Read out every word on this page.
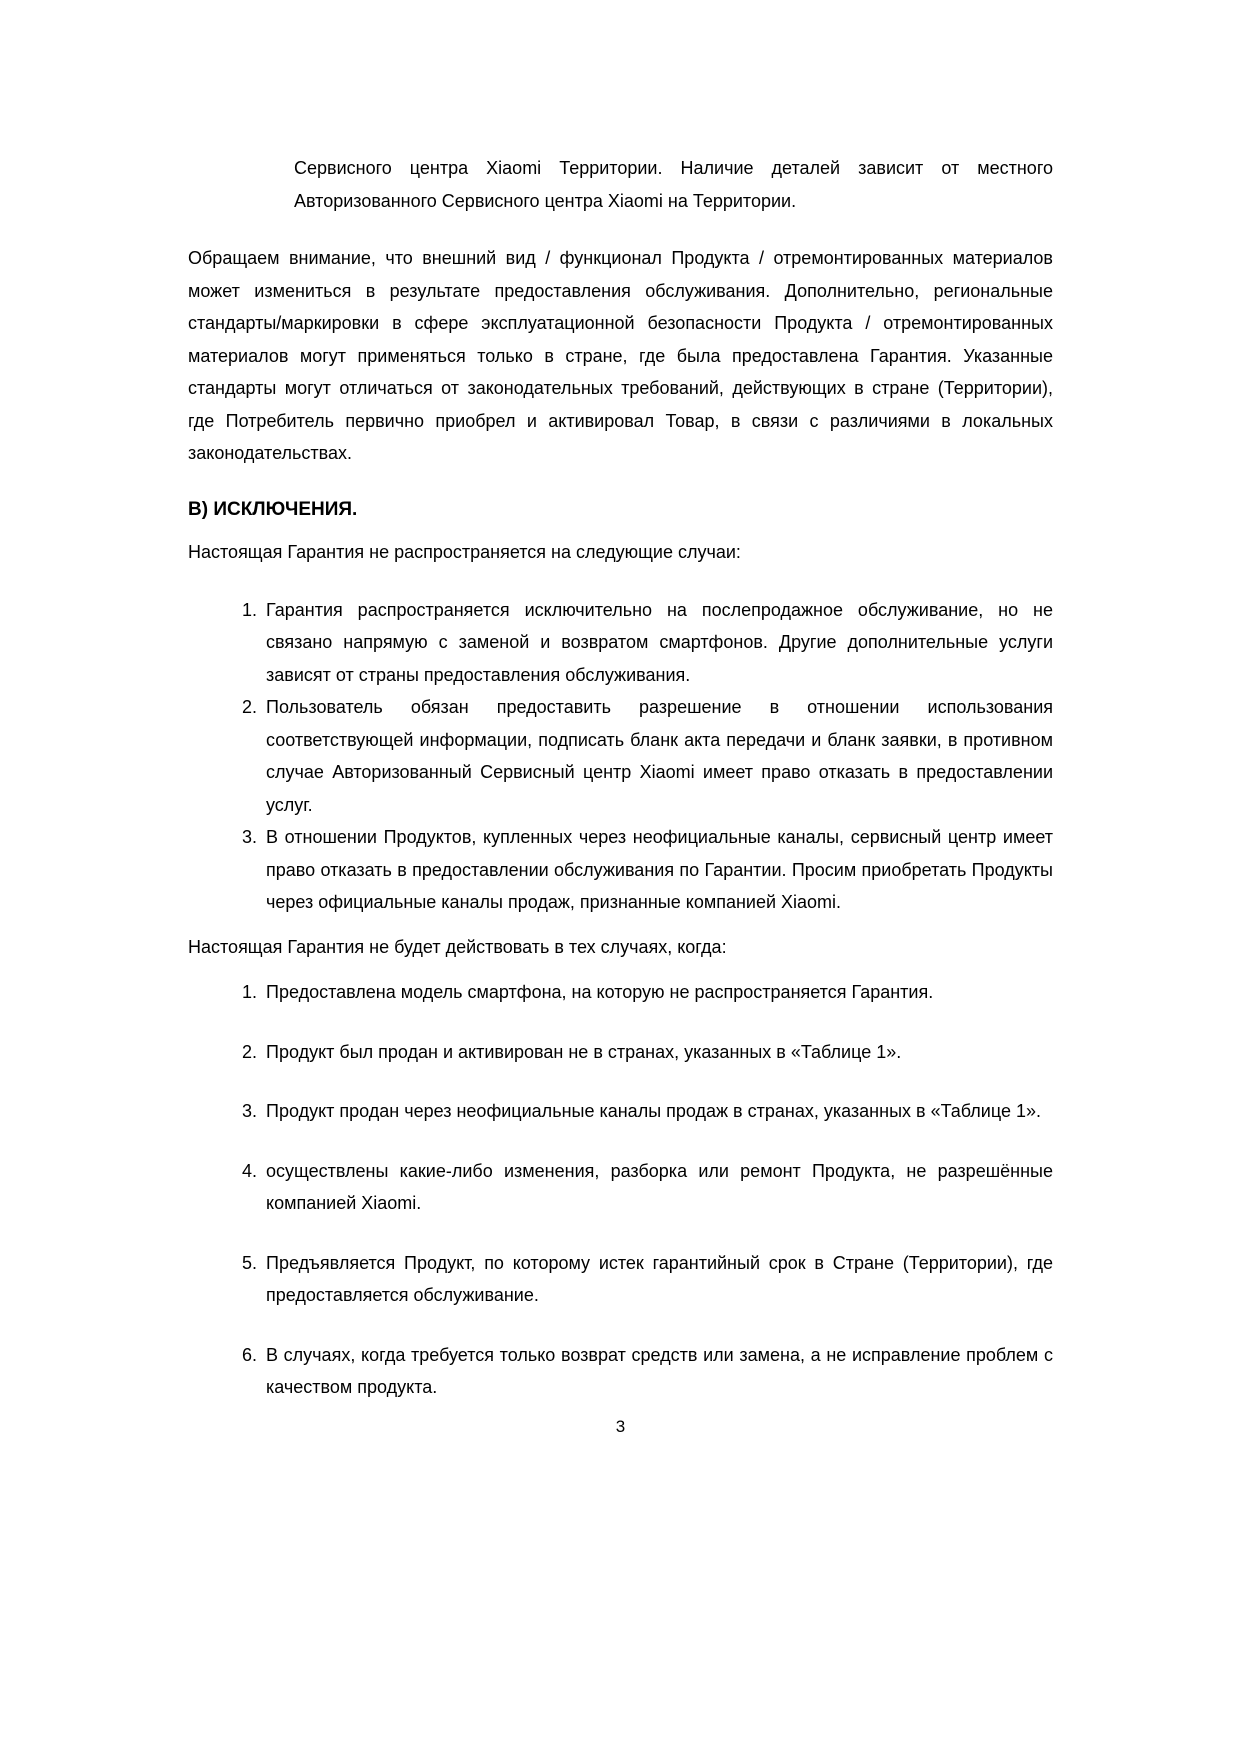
Сервисного центра Xiaomi Территории. Наличие деталей зависит от местного Авторизованного Сервисного центра Xiaomi на Территории.

Обращаем внимание, что внешний вид / функционал Продукта / отремонтированных материалов может измениться в результате предоставления обслуживания. Дополнительно, региональные стандарты/маркировки в сфере эксплуатационной безопасности Продукта / отремонтированных материалов могут применяться только в стране, где была предоставлена Гарантия. Указанные стандарты могут отличаться от законодательных требований, действующих в стране (Территории), где Потребитель первично приобрел и активировал Товар, в связи с различиями в локальных законодательствах.

В) ИСКЛЮЧЕНИЯ.

Настоящая Гарантия не распространяется на следующие случаи:

1. Гарантия распространяется исключительно на послепродажное обслуживание, но не связано напрямую с заменой и возвратом смартфонов. Другие дополнительные услуги зависят от страны предоставления обслуживания.
2. Пользователь обязан предоставить разрешение в отношении использования соответствующей информации, подписать бланк акта передачи и бланк заявки, в противном случае Авторизованный Сервисный центр Xiaomi имеет право отказать в предоставлении услуг.
3. В отношении Продуктов, купленных через неофициальные каналы, сервисный центр имеет право отказать в предоставлении обслуживания по Гарантии. Просим приобретать Продукты через официальные каналы продаж, признанные компанией Xiaomi.

Настоящая Гарантия не будет действовать в тех случаях, когда:

1. Предоставлена модель смартфона, на которую не распространяется Гарантия.
2. Продукт был продан и активирован не в странах, указанных в «Таблице 1».
3. Продукт продан через неофициальные каналы продаж в странах, указанных в «Таблице 1».
4. осуществлены какие-либо изменения, разборка или ремонт Продукта, не разрешённые компанией Xiaomi.
5. Предъявляется Продукт, по которому истек гарантийный срок в Стране (Территории), где предоставляется обслуживание.
6. В случаях, когда требуется только возврат средств или замена, а не исправление проблем с качеством продукта.
3
